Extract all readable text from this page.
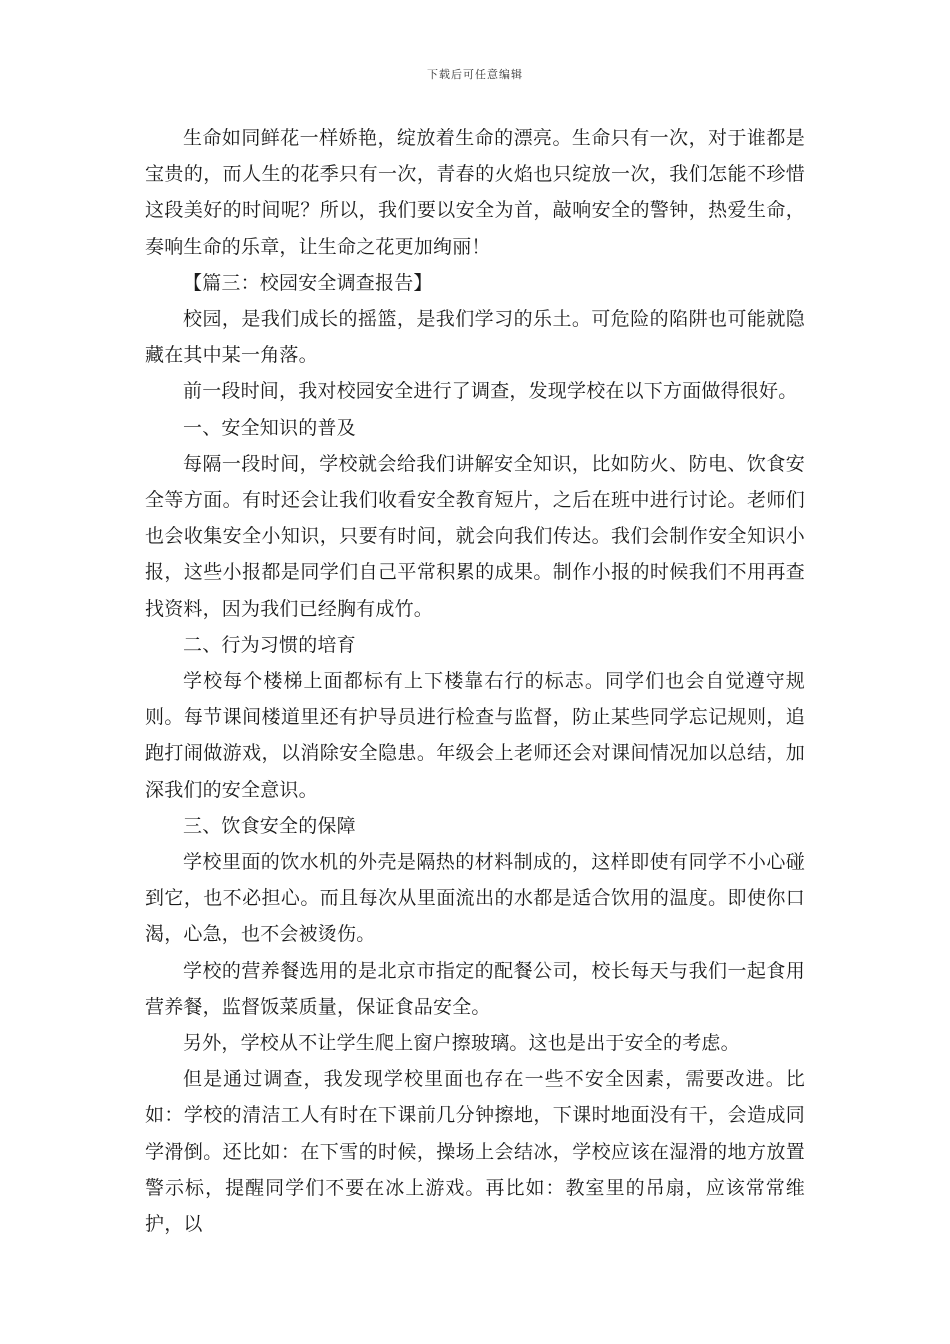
下载后可任意编辑

生命如同鲜花一样娇艳，绽放着生命的漂亮。生命只有一次，对于谁都是宝贵的，而人生的花季只有一次，青春的火焰也只绽放一次，我们怎能不珍惜这段美好的时间呢？所以，我们要以安全为首，敲响安全的警钟，热爱生命，奏响生命的乐章，让生命之花更加绚丽！

【篇三：校园安全调查报告】

校园，是我们成长的摇篮，是我们学习的乐土。可危险的陷阱也可能就隐藏在其中某一角落。

前一段时间，我对校园安全进行了调查，发现学校在以下方面做得很好。

一、安全知识的普及

每隔一段时间，学校就会给我们讲解安全知识，比如防火、防电、饮食安全等方面。有时还会让我们收看安全教育短片，之后在班中进行讨论。老师们也会收集安全小知识，只要有时间，就会向我们传达。我们会制作安全知识小报，这些小报都是同学们自己平常积累的成果。制作小报的时候我们不用再查找资料，因为我们已经胸有成竹。

二、行为习惯的培育

学校每个楼梯上面都标有上下楼靠右行的标志。同学们也会自觉遵守规则。每节课间楼道里还有护导员进行检查与监督，防止某些同学忘记规则，追跑打闹做游戏，以消除安全隐患。年级会上老师还会对课间情况加以总结，加深我们的安全意识。

三、饮食安全的保障

学校里面的饮水机的外壳是隔热的材料制成的，这样即使有同学不小心碰到它，也不必担心。而且每次从里面流出的水都是适合饮用的温度。即使你口渴，心急，也不会被烫伤。

学校的营养餐选用的是北京市指定的配餐公司，校长每天与我们一起食用营养餐，监督饭菜质量，保证食品安全。

另外，学校从不让学生爬上窗户擦玻璃。这也是出于安全的考虑。

但是通过调查，我发现学校里面也存在一些不安全因素，需要改进。比如：学校的清洁工人有时在下课前几分钟擦地，下课时地面没有干，会造成同学滑倒。还比如：在下雪的时候，操场上会结冰，学校应该在湿滑的地方放置警示标，提醒同学们不要在冰上游戏。再比如：教室里的吊扇，应该常常维护，以
